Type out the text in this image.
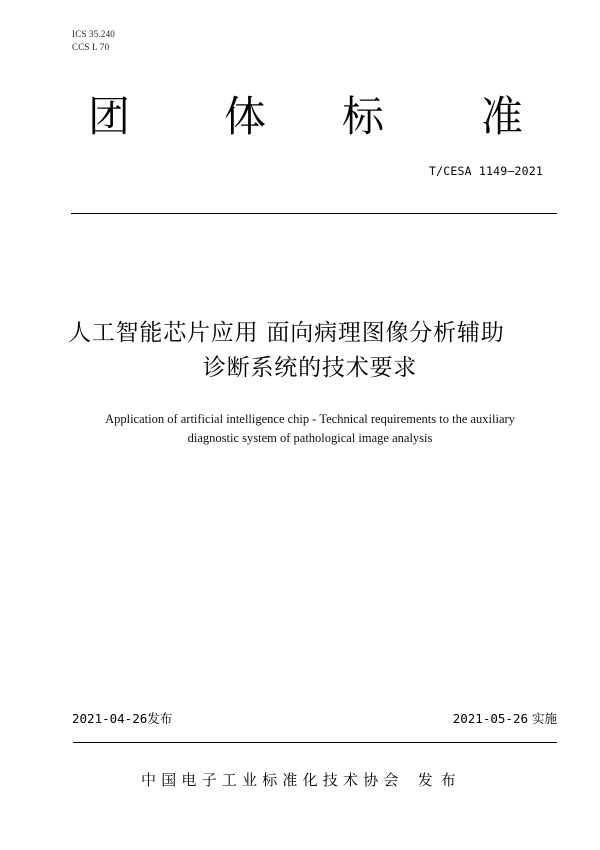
ICS 35.240
CCS L 70
团 体 标 准
T/CESA 1149—2021
人工智能芯片应用 面向病理图像分析辅助
诊断系统的技术要求
Application of artificial intelligence chip - Technical requirements to the auxiliary
diagnostic system of pathological image analysis
2021-04-26发布	2021-05-26 实施
中国电子工业标准化技术协会 发布
